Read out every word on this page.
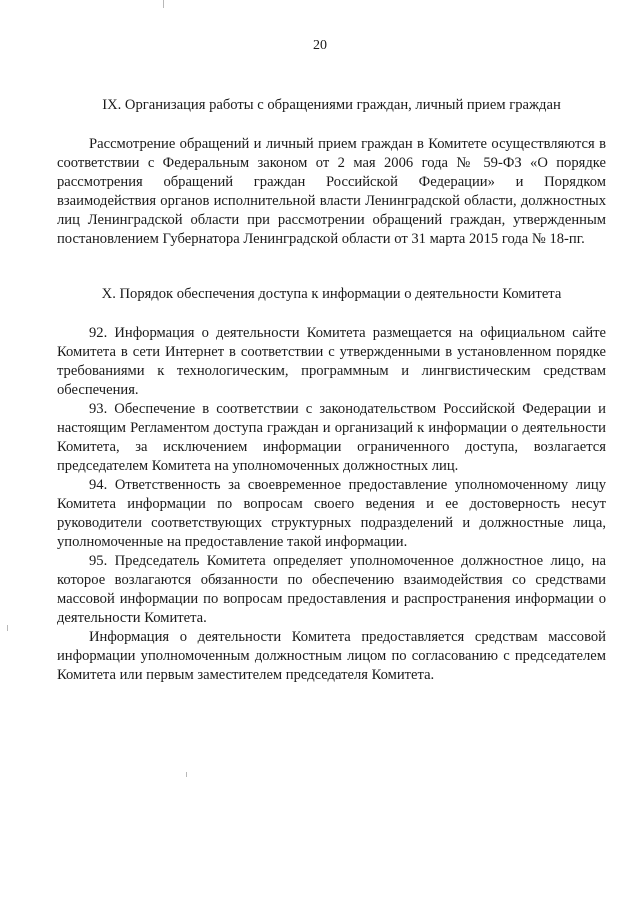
20

IX. Организация работы с обращениями граждан, личный прием граждан

Рассмотрение обращений и личный прием граждан в Комитете осуществляются в соответствии с Федеральным законом от 2 мая 2006 года № 59-ФЗ «О порядке рассмотрения обращений граждан Российской Федерации» и Порядком взаимодействия органов исполнительной власти Ленинградской области, должностных лиц Ленинградской области при рассмотрении обращений граждан, утвержденным постановлением Губернатора Ленинградской области от 31 марта 2015 года № 18-пг.

X. Порядок обеспечения доступа к информации о деятельности Комитета

92. Информация о деятельности Комитета размещается на официальном сайте Комитета в сети Интернет в соответствии с утвержденными в установленном порядке требованиями к технологическим, программным и лингвистическим средствам обеспечения.

93. Обеспечение в соответствии с законодательством Российской Федерации и настоящим Регламентом доступа граждан и организаций к информации о деятельности Комитета, за исключением информации ограниченного доступа, возлагается председателем Комитета на уполномоченных должностных лиц.

94. Ответственность за своевременное предоставление уполномоченному лицу Комитета информации по вопросам своего ведения и ее достоверность несут руководители соответствующих структурных подразделений и должностные лица, уполномоченные на предоставление такой информации.

95. Председатель Комитета определяет уполномоченное должностное лицо, на которое возлагаются обязанности по обеспечению взаимодействия со средствами массовой информации по вопросам предоставления и распространения информации о деятельности Комитета.

Информация о деятельности Комитета предоставляется средствам массовой информации уполномоченным должностным лицом по согласованию с председателем Комитета или первым заместителем председателя Комитета.
